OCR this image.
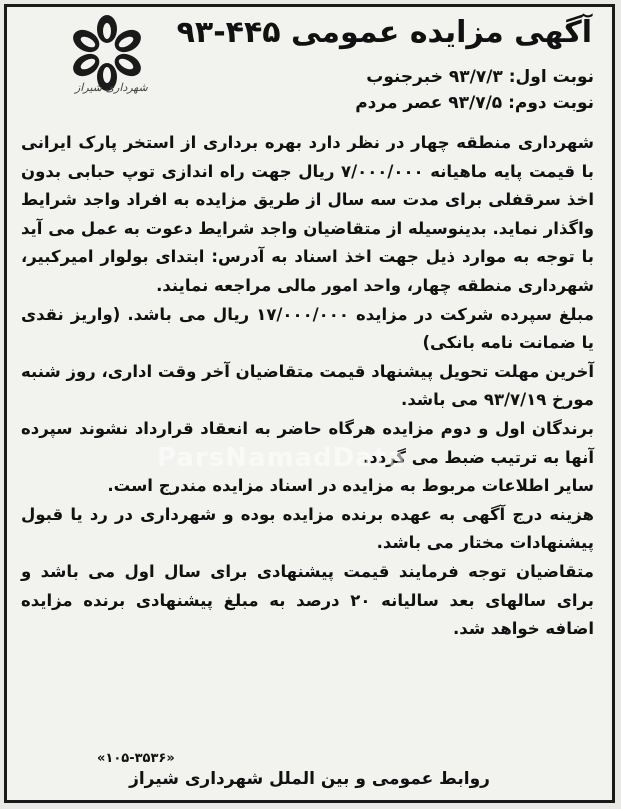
شهرداری شیراز
آگهی مزایده عمومی ۴۴۵-۹۳
نوبت اول: ۹۳/۷/۳ خبرجنوب
نوبت دوم: ۹۳/۷/۵ عصر مردم

شهرداری منطقه چهار در نظر دارد بهره برداری از استخر پارک ایرانی با قیمت پایه ماهیانه ۷/۰۰۰/۰۰۰ ریال جهت راه اندازی توپ حبابی بدون اخذ سرقفلی برای مدت سه سال از طریق مزایده به افراد واجد شرایط واگذار نماید. بدینوسیله از متقاضیان واجد شرایط دعوت به عمل می آید با توجه به موارد ذیل جهت اخذ اسناد به آدرس: ابتدای بولوار امیرکبیر، شهرداری منطقه چهار، واحد امور مالی مراجعه نمایند.

مبلغ سپرده شرکت در مزایده ۱۷/۰۰۰/۰۰۰ ریال می باشد. (واریز نقدی یا ضمانت نامه بانکی)

آخرین مهلت تحویل پیشنهاد قیمت متقاضیان آخر وقت اداری، روز شنبه مورخ ۹۳/۷/۱۹ می باشد.

برندگان اول و دوم مزایده هرگاه حاضر به انعقاد قرارداد نشوند سپرده آنها به ترتیب ضبط می گردد.

سایر اطلاعات مربوط به مزایده در اسناد مزایده مندرج است.

هزینه درج آگهی به عهده برنده مزایده بوده و شهرداری در رد یا قبول پیشنهادات مختار می باشد.

متقاضیان توجه فرمایند قیمت پیشنهادی برای سال اول می باشد و برای سالهای بعد سالیانه ۲۰ درصد به مبلغ پیشنهادی برنده مزایده اضافه خواهد شد.

ParsNamadData
«۱۰۵-۳۵۳۶»
روابط عمومی و بین الملل شهرداری شیراز
